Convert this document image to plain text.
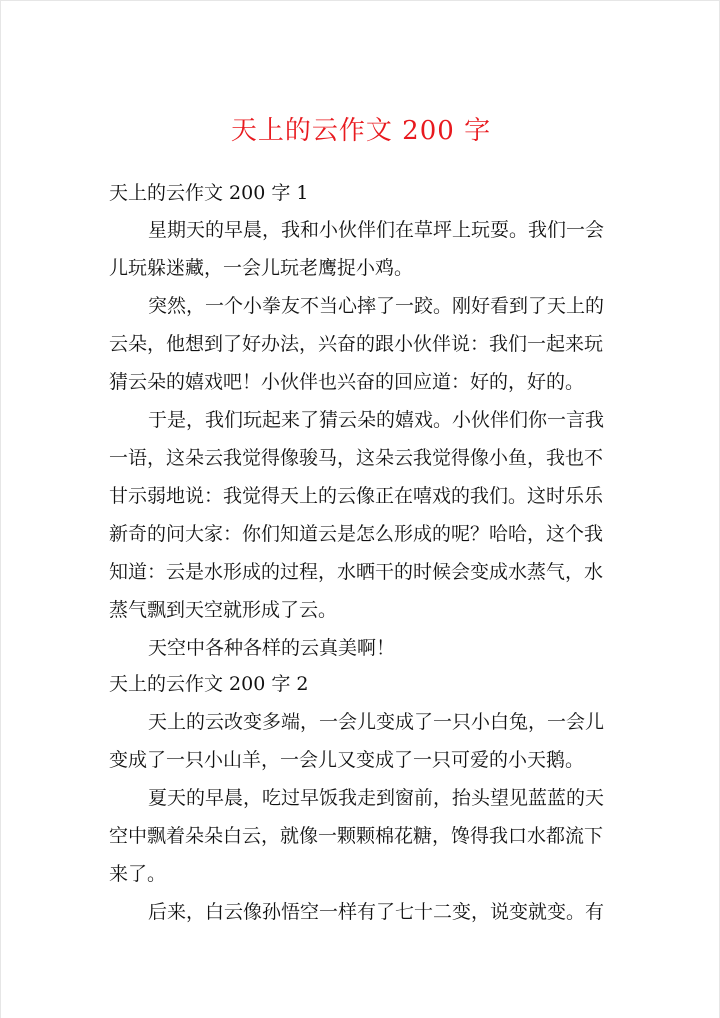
天上的云作文 200 字
天上的云作文 200 字 1
星期天的早晨，我和小伙伴们在草坪上玩耍。我们一会
儿玩躲迷藏，一会儿玩老鹰捉小鸡。
突然，一个小拳友不当心摔了一跤。刚好看到了天上的
云朵，他想到了好办法，兴奋的跟小伙伴说：我们一起来玩
猜云朵的嬉戏吧！小伙伴也兴奋的回应道：好的，好的。
于是，我们玩起来了猜云朵的嬉戏。小伙伴们你一言我
一语，这朵云我觉得像骏马，这朵云我觉得像小鱼，我也不
甘示弱地说：我觉得天上的云像正在嘻戏的我们。这时乐乐
新奇的问大家：你们知道云是怎么形成的呢？哈哈，这个我
知道：云是水形成的过程，水晒干的时候会变成水蒸气，水
蒸气飘到天空就形成了云。
天空中各种各样的云真美啊！
天上的云作文 200 字 2
天上的云改变多端，一会儿变成了一只小白兔，一会儿
变成了一只小山羊，一会儿又变成了一只可爱的小天鹅。
夏天的早晨，吃过早饭我走到窗前，抬头望见蓝蓝的天
空中飘着朵朵白云，就像一颗颗棉花糖，馋得我口水都流下
来了。
后来，白云像孙悟空一样有了七十二变，说变就变。有
